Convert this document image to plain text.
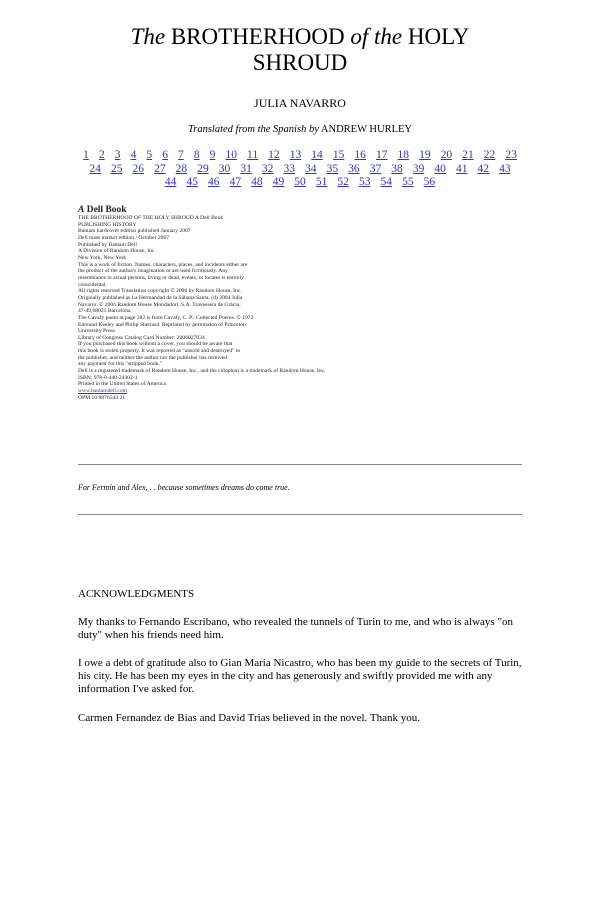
The BROTHERHOOD of the HOLY
SHROUD
JULIA NAVARRO
Translated from the Spanish by ANDREW HURLEY
1 2 3 4 5 6 7 8 9 10 11 12 13 14 15 16 17 18 19 20 21 22 23 24 25 26 27 28 29 30 31 32 33 34 35 36 37 38 39 40 41 42 43 44 45 46 47 48 49 50 51 52 53 54 55 56
A Dell Book
THE BROTHERHOOD OF THE HOLY SHROUD A Dell Book
PUBLISHING HISTORY
Bantam hardcover edition published January 2007
Dell mass market edition / October 2007
Published by Bantam Dell
A Division of Random House, Inc.
New York, New York
This is a work of fiction. Names, characters, places, and incidents either are
the product of the author's imagination or are used fictitiously. Any
resemblance to actual persons, living or dead, events, or locales is entirely
coincidental.
All rights reserved Translation copyright © 2006 by Random House, Inc.
Originally published as La Hermandad de la Sábana Santa. (d) 2004 Julia
Navarro. © 2004 Random House Mondadori, S.A. Travessera de Gràcia,
47-49,08021 Barcelona
The Cavafy poem at page 282 is from Cavafy, C. P.: Collected Poems. © 1972
Edmund Keeley and Philip Sherrard. Reprinted by permission of Princeton
University Press.
Library of Congress Catalog Card Number: 2006027034
If you purchased this book without a cover, you should be aware that
this book is stolen property. It was reported as "unsold and destroyed" to
the publisher, and neither the author nor the publisher has received
any payment for this "stripped book."
Dell is a registered trademark of Random House, Inc., and the colophon is a trademark of Random House, Inc.
ISBN: 978-0-440-24302-1
Printed in the United States of America
www.bantamdell.com
OPM 10 9876543 21
For Fermín and Alex, . . because sometimes dreams do come true.
ACKNOWLEDGMENTS
My thanks to Fernando Escribano, who revealed the tunnels of Turin to me, and who is always "on duty" when his friends need him.
I owe a debt of gratitude also to Gian Maria Nicastro, who has been my guide to the secrets of Turin, his city. He has been my eyes in the city and has generously and swiftly provided me with any information I've asked for.
Carmen Fernandez de Bias and David Trias believed in the novel. Thank you.
